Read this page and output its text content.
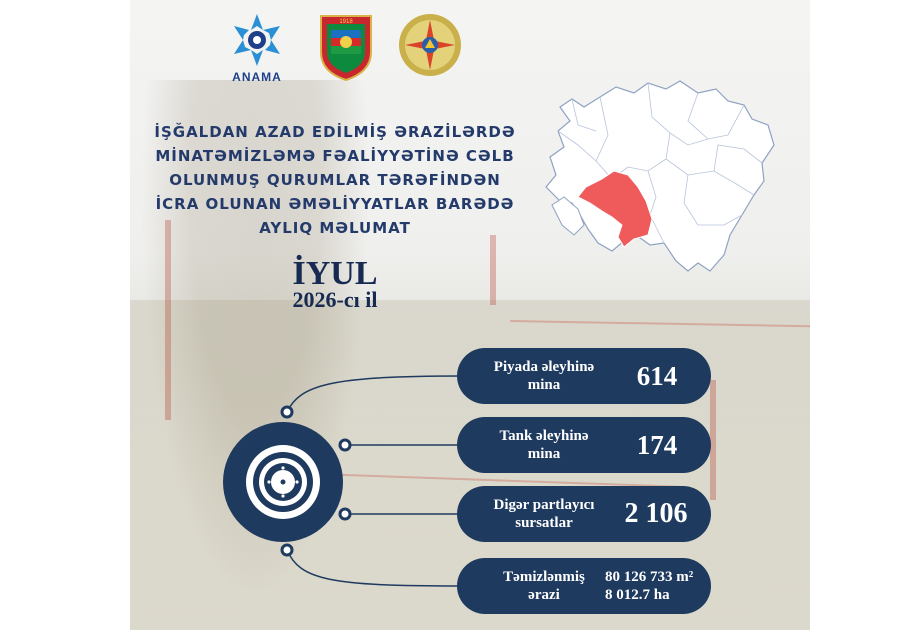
ANAMA
1918
İŞĞALDAN AZAD EDİLMİŞ ƏRAZİLƏRDƏ
MİNATƏMİZLƏMƏ FƏALİYYƏTİNƏ CƏLB
OLUNMUŞ QURUMLAR TƏRƏFİNDƏN
İCRA OLUNAN ƏMƏLİYYATLAR BARƏDƏ
AYLIQ MƏLUMAT
İYUL
2026-cı il
Piyada əleyhinə
mina	614
Tank əleyhinə
mina	174
Digər partlayıcı
sursatlar	2 106
Təmizlənmiş
ərazi
80 126 733 m²
8 012.7 ha
